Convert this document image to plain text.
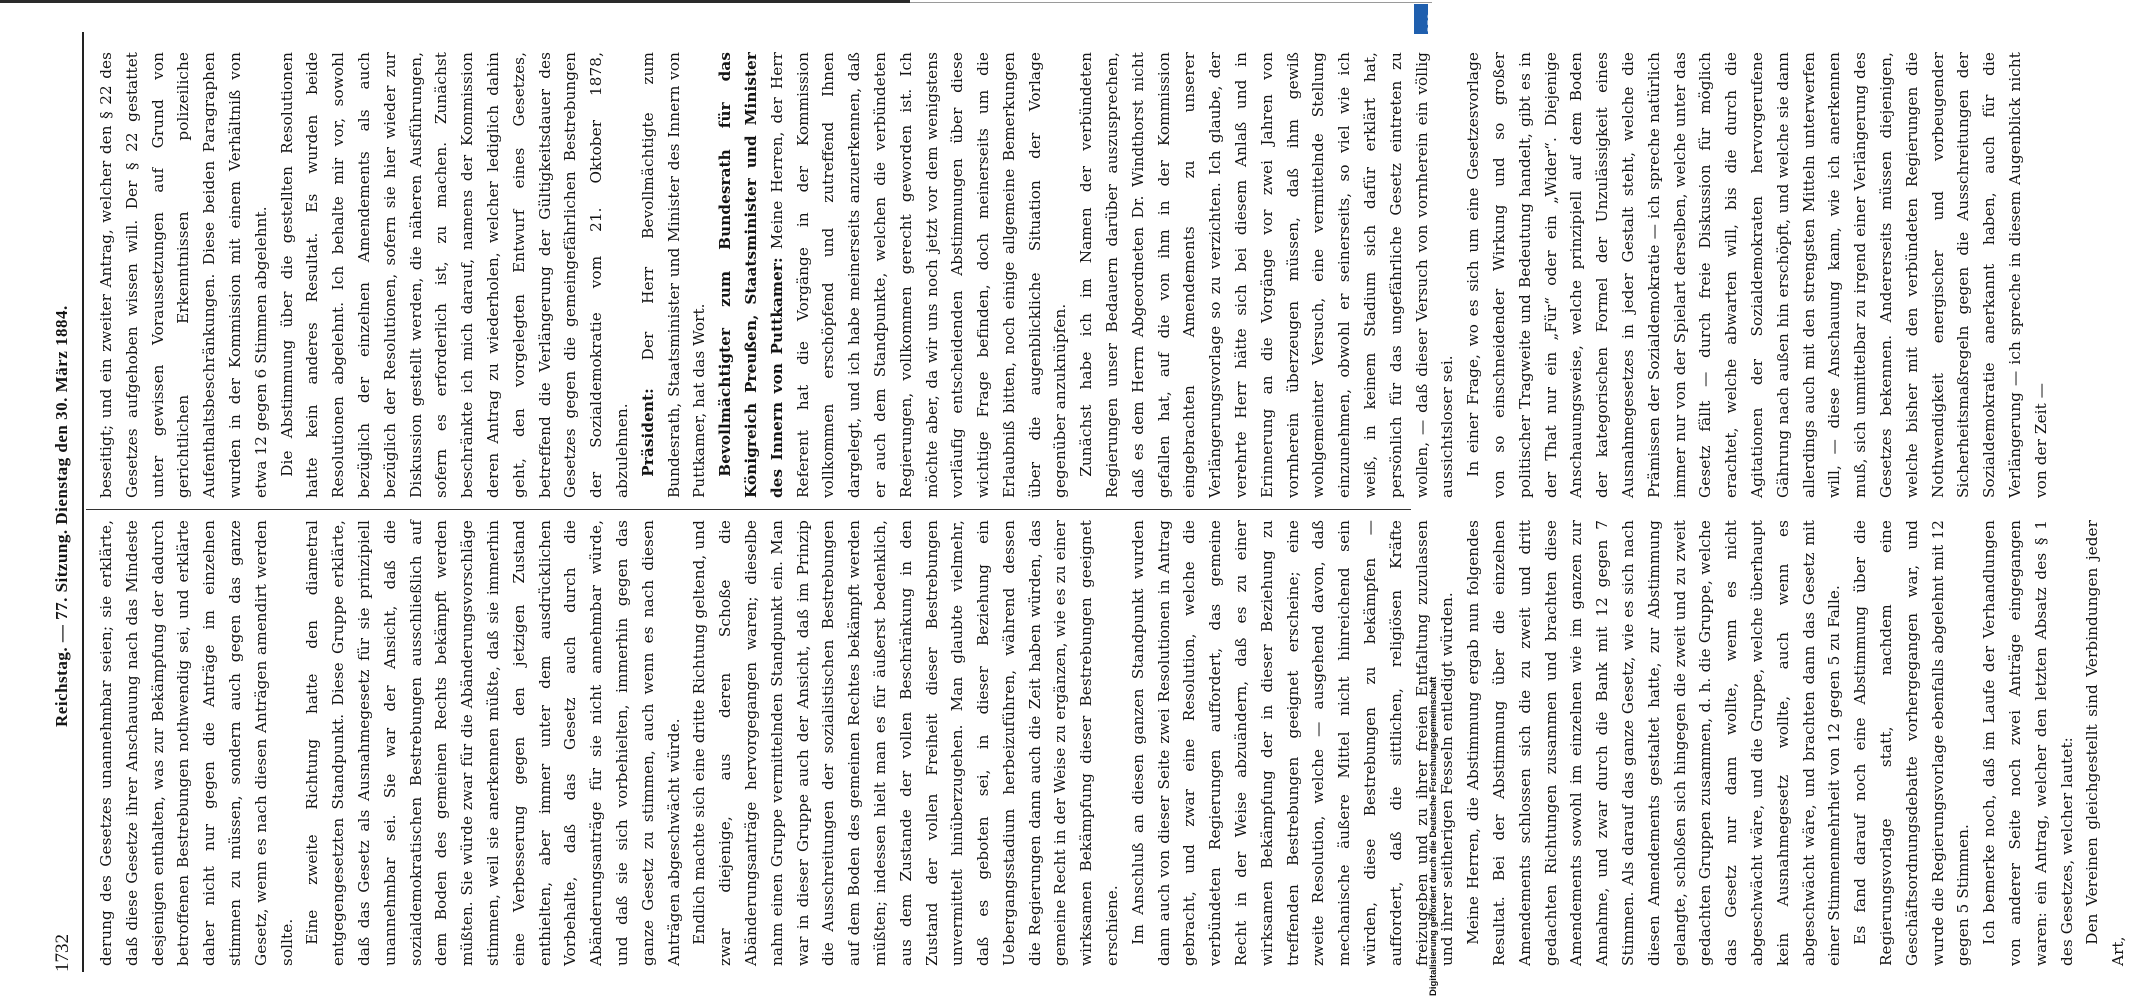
1732
Reichstag. — 77. Sitzung. Dienstag den 30. März 1884.

derung des Gesetzes unannehmbar seien; sie erklärte, daß diese Gesetze ihrer Anschauung nach das Mindeste desjenigen enthalten, was zur Bekämpfung der dadurch betroffenen Bestrebungen nothwendig sei, und erklärte daher nicht nur gegen die Anträge im einzelnen stimmen zu müssen, sondern auch gegen das ganze Gesetz, wenn es nach diesen Anträgen amendirt werden sollte. Eine zweite Richtung hatte den diametral entgegengesetzten Standpunkt. Diese Gruppe erklärte, daß das Gesetz als Ausnahmegesetz für sie prinzipiell unannehmbar sei. Sie war der Ansicht, daß die sozialdemokratischen Bestrebungen ausschließlich auf dem Boden des gemeinen Rechts bekämpft werden müßten. Sie würde zwar für die Abänderungsvorschläge stimmen, weil sie anerkennen müßte, daß sie immerhin eine Verbesserung gegen den jetzigen Zustand enthielten, aber immer unter dem ausdrücklichen Vorbehalte, daß das Gesetz auch durch die Abänderungsanträge für sie nicht annehmbar würde, und daß sie sich vorbehielten, immerhin gegen das ganze Gesetz zu stimmen, auch wenn es nach diesen Anträgen abgeschwächt würde. Endlich machte sich eine dritte Richtung geltend, und zwar diejenige, aus deren Schoße die Abänderungsanträge hervorgegangen waren; dieselbe nahm einen Gruppe vermittelnden Standpunkt ein. Man war in dieser Gruppe auch der Ansicht, daß im Prinzip die Ausschreitungen der sozialistischen Bestrebungen auf dem Boden des gemeinen Rechtes bekämpft werden müßten; indessen hielt man es für äußerst bedenklich, aus dem Zustande der vollen Beschränkung in den Zustand der vollen Freiheit dieser Bestrebungen unvermittelt hinüberzugehen. Man glaubte vielmehr, daß es geboten sei, in dieser Beziehung ein Uebergangsstadium herbeizuführen, während dessen die Regierungen dann auch die Zeit haben würden, das gemeine Recht in der Weise zu ergänzen, wie es zu einer wirksamen Bekämpfung dieser Bestrebungen geeignet erschiene. Im Anschluß an diesen ganzen Standpunkt wurden dann auch von dieser Seite zwei Resolutionen in Antrag gebracht, und zwar eine Resolution, welche die verbündeten Regierungen auffordert, das gemeine Recht in der Weise abzuändern, daß es zu einer wirksamen Bekämpfung der in dieser Beziehung zu treffenden Bestrebungen geeignet erscheine; eine zweite Resolution, welche — ausgehend davon, daß mechanische äußere Mittel nicht hinreichend sein würden, diese Bestrebungen zu bekämpfen — auffordert, daß die sittlichen, religiösen Kräfte freizugeben und zu ihrer freien Entfaltung zuzulassen und ihrer seitherigen Fesseln entledigt würden. Meine Herren, die Abstimmung ergab nun folgendes Resultat. Bei der Abstimmung über die einzelnen Amendements schlossen sich die zu zweit und dritt gedachten Richtungen zusammen und brachten diese Amendements sowohl im einzelnen wie im ganzen zur Annahme, und zwar durch die Bank mit 12 gegen 7 Stimmen. Als darauf das ganze Gesetz, wie es sich nach diesen Amendements gestaltet hatte, zur Abstimmung gelangte, schloßen sich hingegen die zweit und zu zweit gedachten Gruppen zusammen, d. h. die Gruppe, welche das Gesetz nur dann wollte, wenn es nicht abgeschwächt wäre, und die Gruppe, welche überhaupt kein Ausnahmegesetz wollte, auch wenn es abgeschwächt wäre, und brachten dann das Gesetz mit einer Stimmenmehrheit von 12 gegen 5 zu Falle. Es fand darauf noch eine Abstimmung über die Regierungsvorlage statt, nachdem eine Geschäftsordnungsdebatte vorhergegangen war, und wurde die Regierungsvorlage ebenfalls abgelehnt mit 12 gegen 5 Stimmen. Ich bemerke noch, daß im Laufe der Verhandlungen von anderer Seite noch zwei Anträge eingegangen waren: ein Antrag, welcher den letzten Absatz des § 1 des Gesetzes, welcher lautet: Den Vereinen gleichgestellt sind Verbindungen jeder Art,

beseitigt; und ein zweiter Antrag, welcher den § 22 des Gesetzes aufgehoben wissen will. Der § 22 gestattet unter gewissen Voraussetzungen auf Grund von gerichtlichen Erkenntnissen polizeiliche Aufenthaltsbeschränkungen. Diese beiden Paragraphen wurden in der Kommission mit einem Verhältniß von etwa 12 gegen 6 Stimmen abgelehnt. Die Abstimmung über die gestellten Resolutionen hatte kein anderes Resultat. Es wurden beide Resolutionen abgelehnt. Ich behalte mir vor, sowohl bezüglich der einzelnen Amendements als auch bezüglich der Resolutionen, sofern sie hier wieder zur Diskussion gestellt werden, die näheren Ausführungen, sofern es erforderlich ist, zu machen. Zunächst beschränkte ich mich darauf, namens der Kommission deren Antrag zu wiederholen, welcher lediglich dahin geht, den vorgelegten Entwurf eines Gesetzes, betreffend die Verlängerung der Gültigkeitsdauer des Gesetzes gegen die gemeingefährlichen Bestrebungen der Sozialdemokratie vom 21. Oktober 1878, abzulehnen. Präsident: Der Herr Bevollmächtigte zum Bundesrath, Staatsminister und Minister des Innern von Puttkamer, hat das Wort. Bevollmächtigter zum Bundesrath für das Königreich Preußen, Staatsminister und Minister des Innern von Puttkamer: Meine Herren, der Herr Referent hat die Vorgänge in der Kommission vollkommen erschöpfend und zutreffend Ihnen dargelegt, und ich habe meinerseits anzuerkennen, daß er auch dem Standpunkte, welchen die verbündeten Regierungen, vollkommen gerecht geworden ist. Ich möchte aber, da wir uns noch jetzt vor dem wenigstens vorläufig entscheidenden Abstimmungen über diese wichtige Frage befinden, doch meinerseits um die Erlaubniß bitten, noch einige allgemeine Bemerkungen über die augenblickliche Situation der Vorlage gegenüber anzuknüpfen. Zunächst habe ich im Namen der verbündeten Regierungen unser Bedauern darüber auszusprechen, daß es dem Herrn Abgeordneten Dr. Windthorst nicht gefallen hat, auf die von ihm in der Kommission eingebrachten Amendements zu unserer Verlängerungsvorlage so zu verzichten. Ich glaube, der verehrte Herr hätte sich bei diesem Anlaß und in Erinnerung an die Vorgänge vor zwei Jahren von vornherein überzeugen müssen, daß ihm gewiß wohlgemeinter Versuch, eine vermittelnde Stellung einzunehmen, obwohl er seinerseits, so viel wie ich weiß, in keinem Stadium sich dafür erklärt hat, persönlich für das ungefährliche Gesetz eintreten zu wollen, — daß dieser Versuch von vornherein ein völlig aussichtsloser sei. In einer Frage, wo es sich um eine Gesetzesvorlage von so einschneidender Wirkung und so großer politischer Tragweite und Bedeutung handelt, gibt es in der That nur ein „Für“ oder ein „Wider“. Diejenige Anschauungsweise, welche prinzipiell auf dem Boden der kategorischen Formel der Unzulässigkeit eines Ausnahmegesetzes in jeder Gestalt steht, welche die Prämissen der Sozialdemokratie — ich spreche natürlich immer nur von der Spielart derselben, welche unter das Gesetz fällt — durch freie Diskussion für möglich erachtet, welche abwarten will, bis die durch die Agitationen der Sozialdemokraten hervorgerufene Gährung nach außen hin erschöpft, und welche sie dann allerdings auch mit den strengsten Mitteln unterwerfen will, — diese Anschauung kann, wie ich anerkennen muß, sich unmittelbar zu irgend einer Verlängerung des Gesetzes bekennen. Andererseits müssen diejenigen, welche bisher mit den verbündeten Regierungen die Nothwendigkeit energischer und vorbeugender Sicherheitsmaßregeln gegen die Ausschreitungen der Sozialdemokratie anerkannt haben, auch für die Verlängerung — ich spreche in diesem Augenblick nicht von der Zeit —

Digitalisierung gefördert durch die Deutsche Forschungsgemeinschaft
DFG
